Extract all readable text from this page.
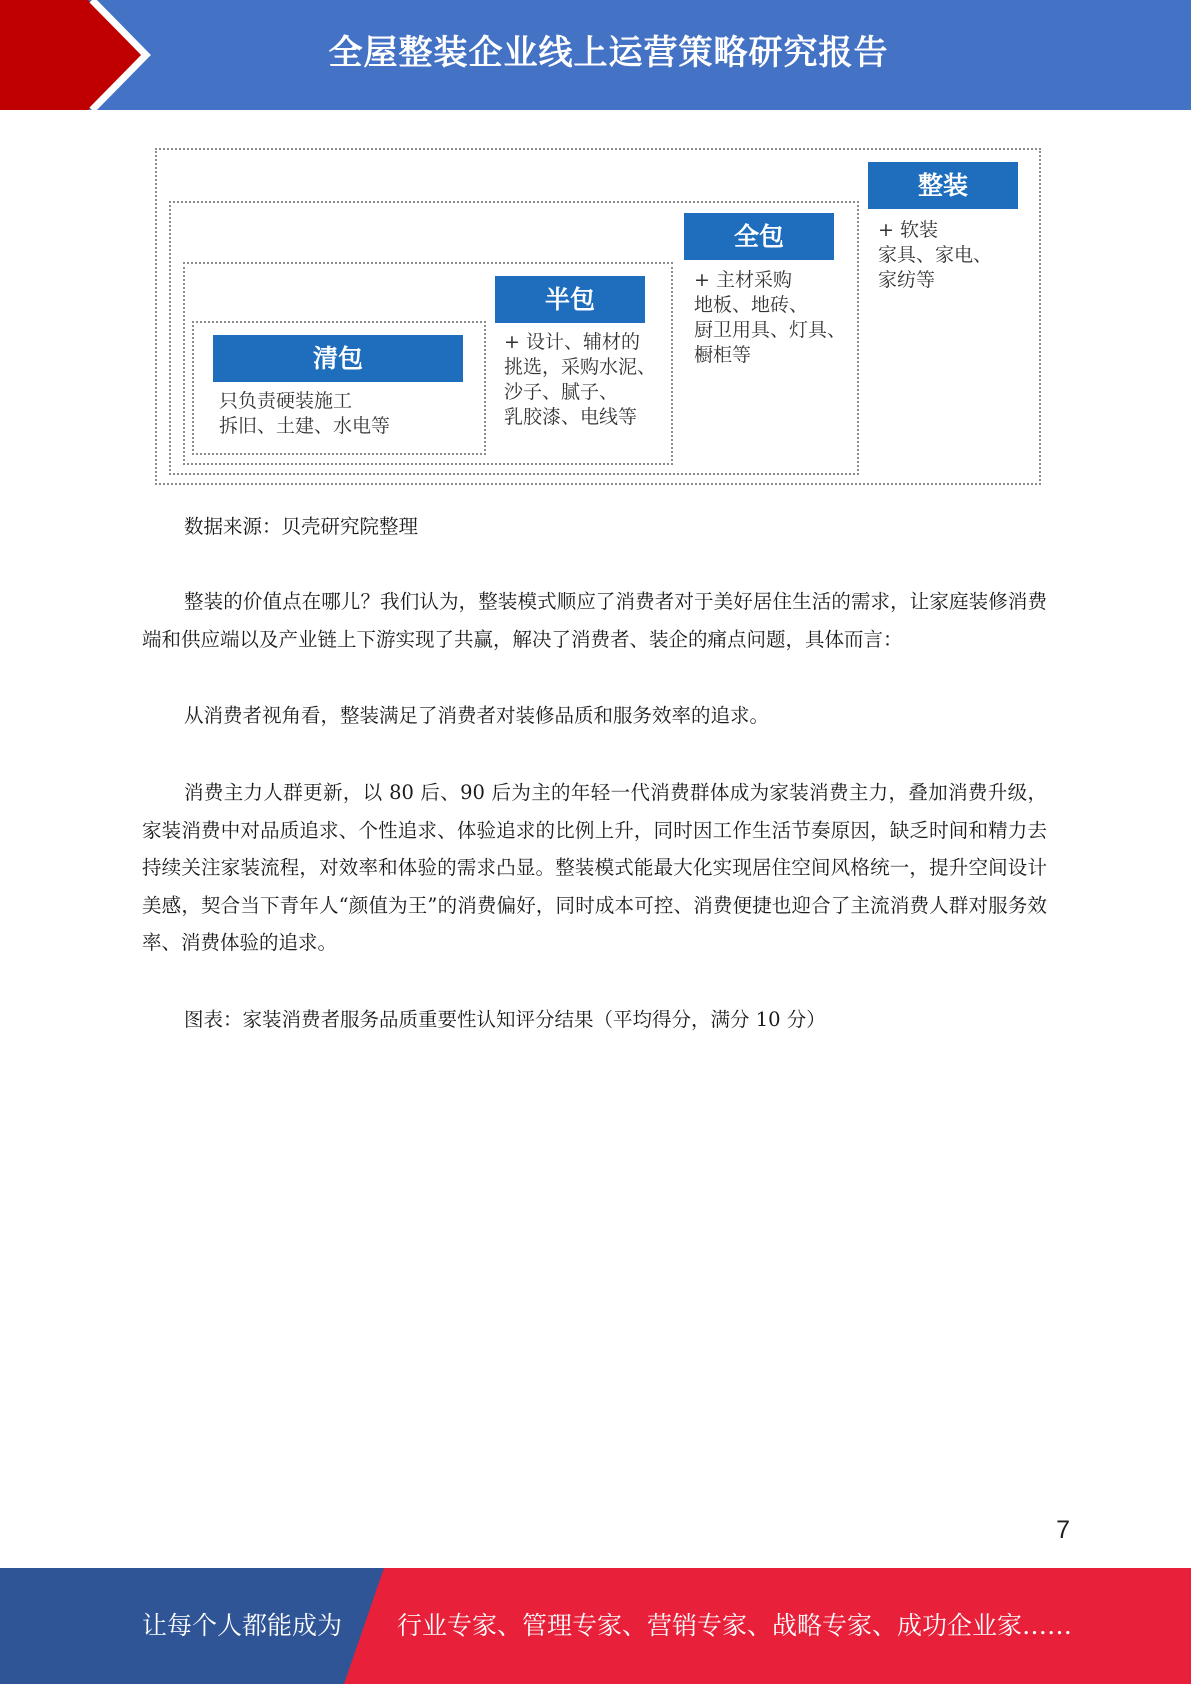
全屋整装企业线上运营策略研究报告
清包
只负责硬装施工
拆旧、土建、水电等
半包
+ 设计、辅材的
挑选，采购水泥、
沙子、腻子、
乳胶漆、电线等
全包
+ 主材采购
地板、地砖、
厨卫用具、灯具、
橱柜等
整装
+ 软装
家具、家电、
家纺等

数据来源：贝壳研究院整理

整装的价值点在哪儿？我们认为，整装模式顺应了消费者对于美好居住生活的需求，让家庭装修消费端和供应端以及产业链上下游实现了共赢，解决了消费者、装企的痛点问题，具体而言：

从消费者视角看，整装满足了消费者对装修品质和服务效率的追求。

消费主力人群更新，以 80 后、90 后为主的年轻一代消费群体成为家装消费主力，叠加消费升级，家装消费中对品质追求、个性追求、体验追求的比例上升，同时因工作生活节奏原因，缺乏时间和精力去持续关注家装流程，对效率和体验的需求凸显。整装模式能最大化实现居住空间风格统一，提升空间设计美感，契合当下青年人“颜值为王”的消费偏好，同时成本可控、消费便捷也迎合了主流消费人群对服务效率、消费体验的追求。

图表：家装消费者服务品质重要性认知评分结果（平均得分，满分 10 分）

7
让每个人都能成为 行业专家、管理专家、营销专家、战略专家、成功企业家……
